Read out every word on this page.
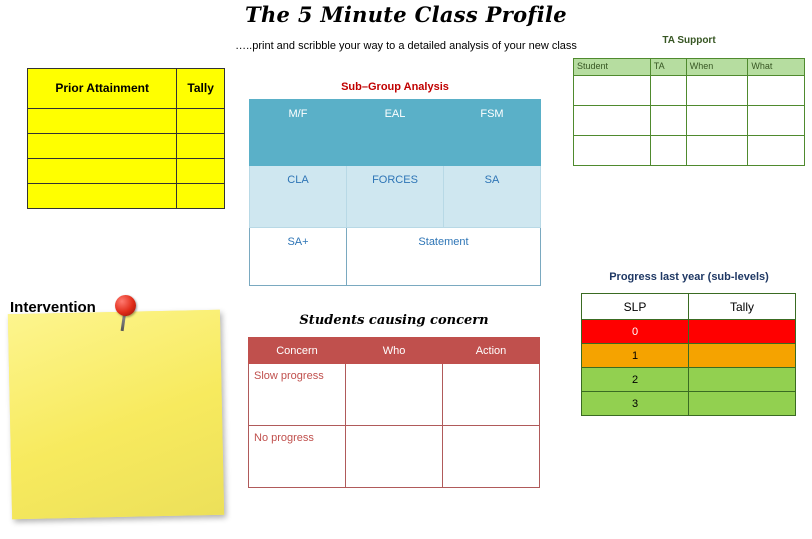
The 5 Minute Class Profile
…..print and scribble your way to a detailed analysis of your new class
Prior Attainment	Tally

		Sub–Group Analysis
M/F	EAL	FSM
CLA	FORCES	SA
SA+	Statement	
TA Support
Student	TA	When	What

Intervention
Students causing concern
Concern	Who	Action
Slow progress		
No progress		
Progress last year (sub-levels)
SLP	Tally
0	
1	
2	
3	
